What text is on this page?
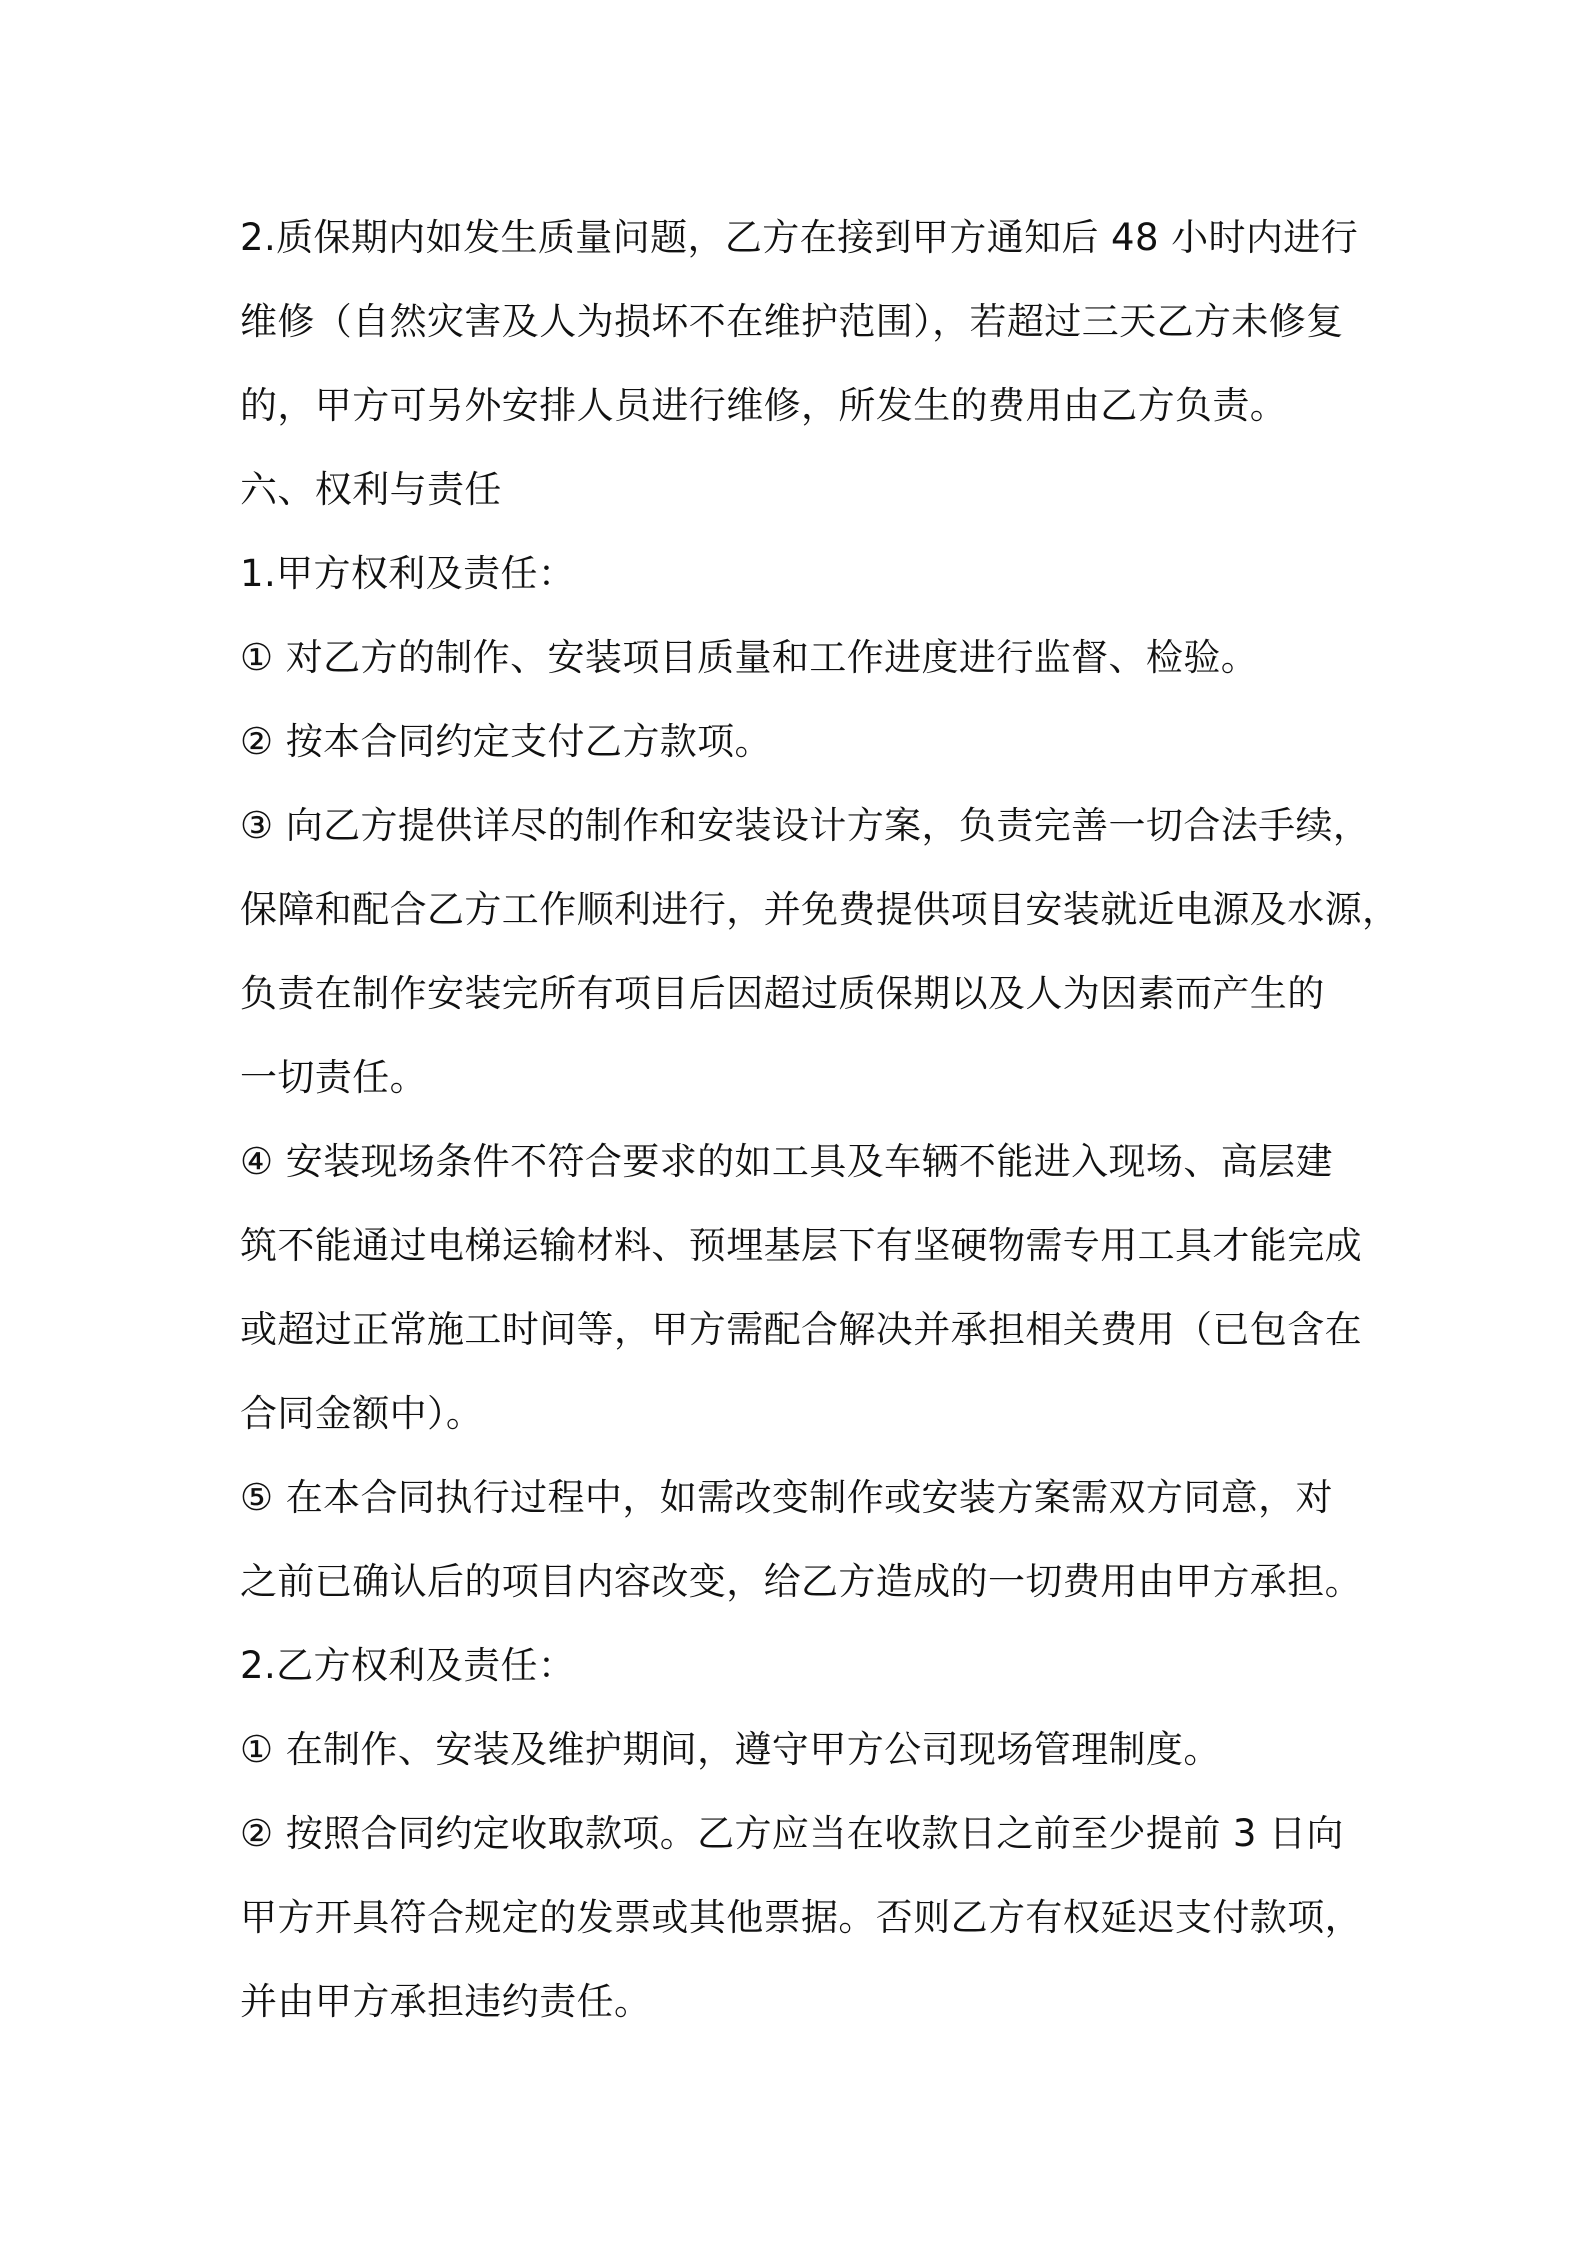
2.质保期内如发生质量问题，乙方在接到甲方通知后 48 小时内进行
维修（自然灾害及人为损坏不在维护范围），若超过三天乙方未修复
的，甲方可另外安排人员进行维修，所发生的费用由乙方负责。
六、权利与责任
1.甲方权利及责任：
① 对乙方的制作、安装项目质量和工作进度进行监督、检验。
② 按本合同约定支付乙方款项。
③ 向乙方提供详尽的制作和安装设计方案，负责完善一切合法手续，
保障和配合乙方工作顺利进行，并免费提供项目安装就近电源及水源，
负责在制作安装完所有项目后因超过质保期以及人为因素而产生的
一切责任。
④ 安装现场条件不符合要求的如工具及车辆不能进入现场、高层建
筑不能通过电梯运输材料、预埋基层下有坚硬物需专用工具才能完成
或超过正常施工时间等，甲方需配合解决并承担相关费用（已包含在
合同金额中）。
⑤ 在本合同执行过程中，如需改变制作或安装方案需双方同意，对
之前已确认后的项目内容改变，给乙方造成的一切费用由甲方承担。
2.乙方权利及责任：
① 在制作、安装及维护期间，遵守甲方公司现场管理制度。
② 按照合同约定收取款项。乙方应当在收款日之前至少提前 3 日向
甲方开具符合规定的发票或其他票据。否则乙方有权延迟支付款项，
并由甲方承担违约责任。
